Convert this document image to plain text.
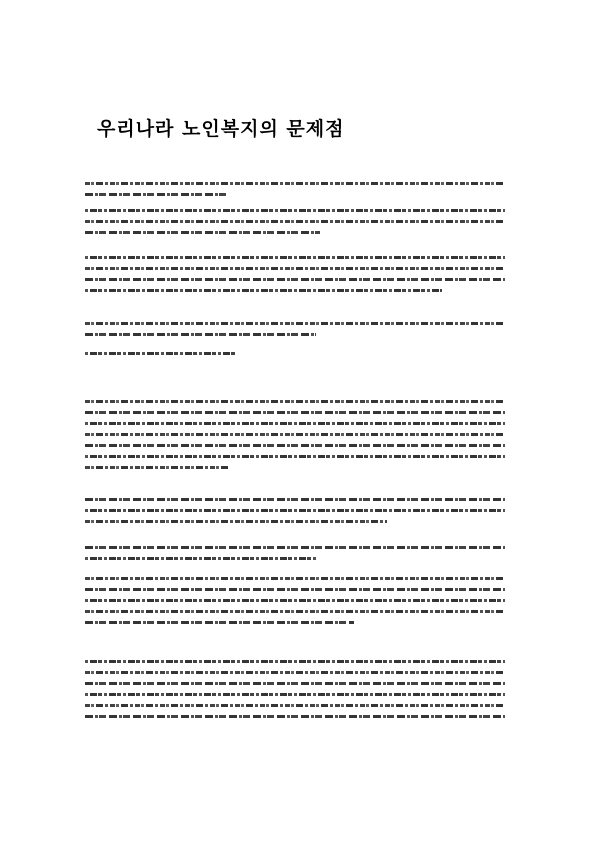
우리나라 노인복지의 문제점
